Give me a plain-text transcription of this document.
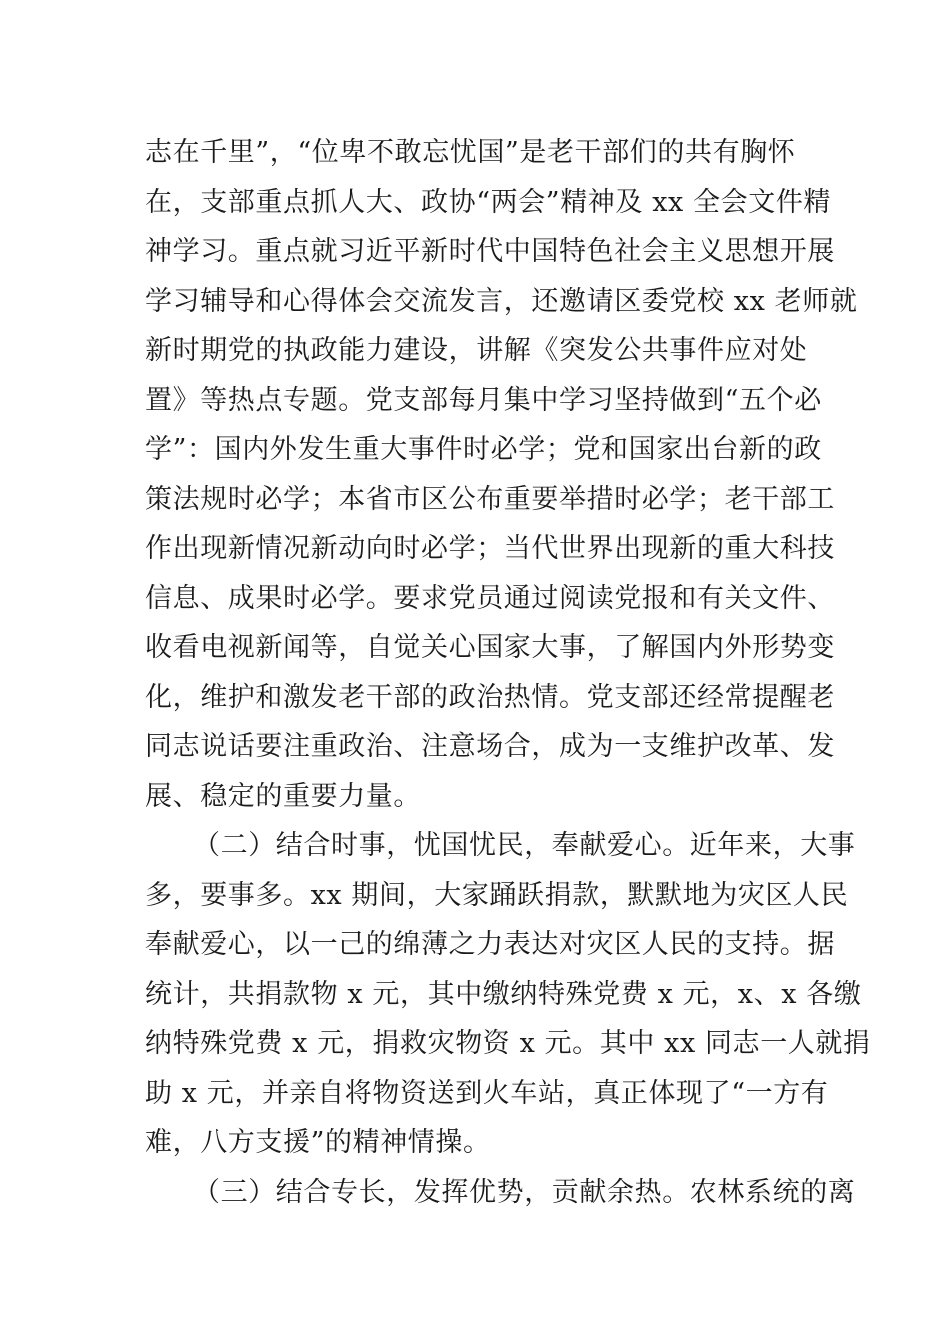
志在千里”，“位卑不敢忘忧国”是老干部们的共有胸怀
在，支部重点抓人大、政协“两会”精神及 xx 全会文件精
神学习。重点就习近平新时代中国特色社会主义思想开展
学习辅导和心得体会交流发言，还邀请区委党校 xx 老师就
新时期党的执政能力建设，讲解《突发公共事件应对处
置》等热点专题。党支部每月集中学习坚持做到“五个必
学”：国内外发生重大事件时必学；党和国家出台新的政
策法规时必学；本省市区公布重要举措时必学；老干部工
作出现新情况新动向时必学；当代世界出现新的重大科技
信息、成果时必学。要求党员通过阅读党报和有关文件、
收看电视新闻等，自觉关心国家大事，了解国内外形势变
化，维护和激发老干部的政治热情。党支部还经常提醒老
同志说话要注重政治、注意场合，成为一支维护改革、发
展、稳定的重要力量。
（二）结合时事，忧国忧民，奉献爱心。近年来，大事
多，要事多。xx 期间，大家踊跃捐款，默默地为灾区人民
奉献爱心，以一己的绵薄之力表达对灾区人民的支持。据
统计，共捐款物 x 元，其中缴纳特殊党费 x 元，x、x 各缴
纳特殊党费 x 元，捐救灾物资 x 元。其中 xx 同志一人就捐
助 x 元，并亲自将物资送到火车站，真正体现了“一方有
难，八方支援”的精神情操。
（三）结合专长，发挥优势，贡献余热。农林系统的离
